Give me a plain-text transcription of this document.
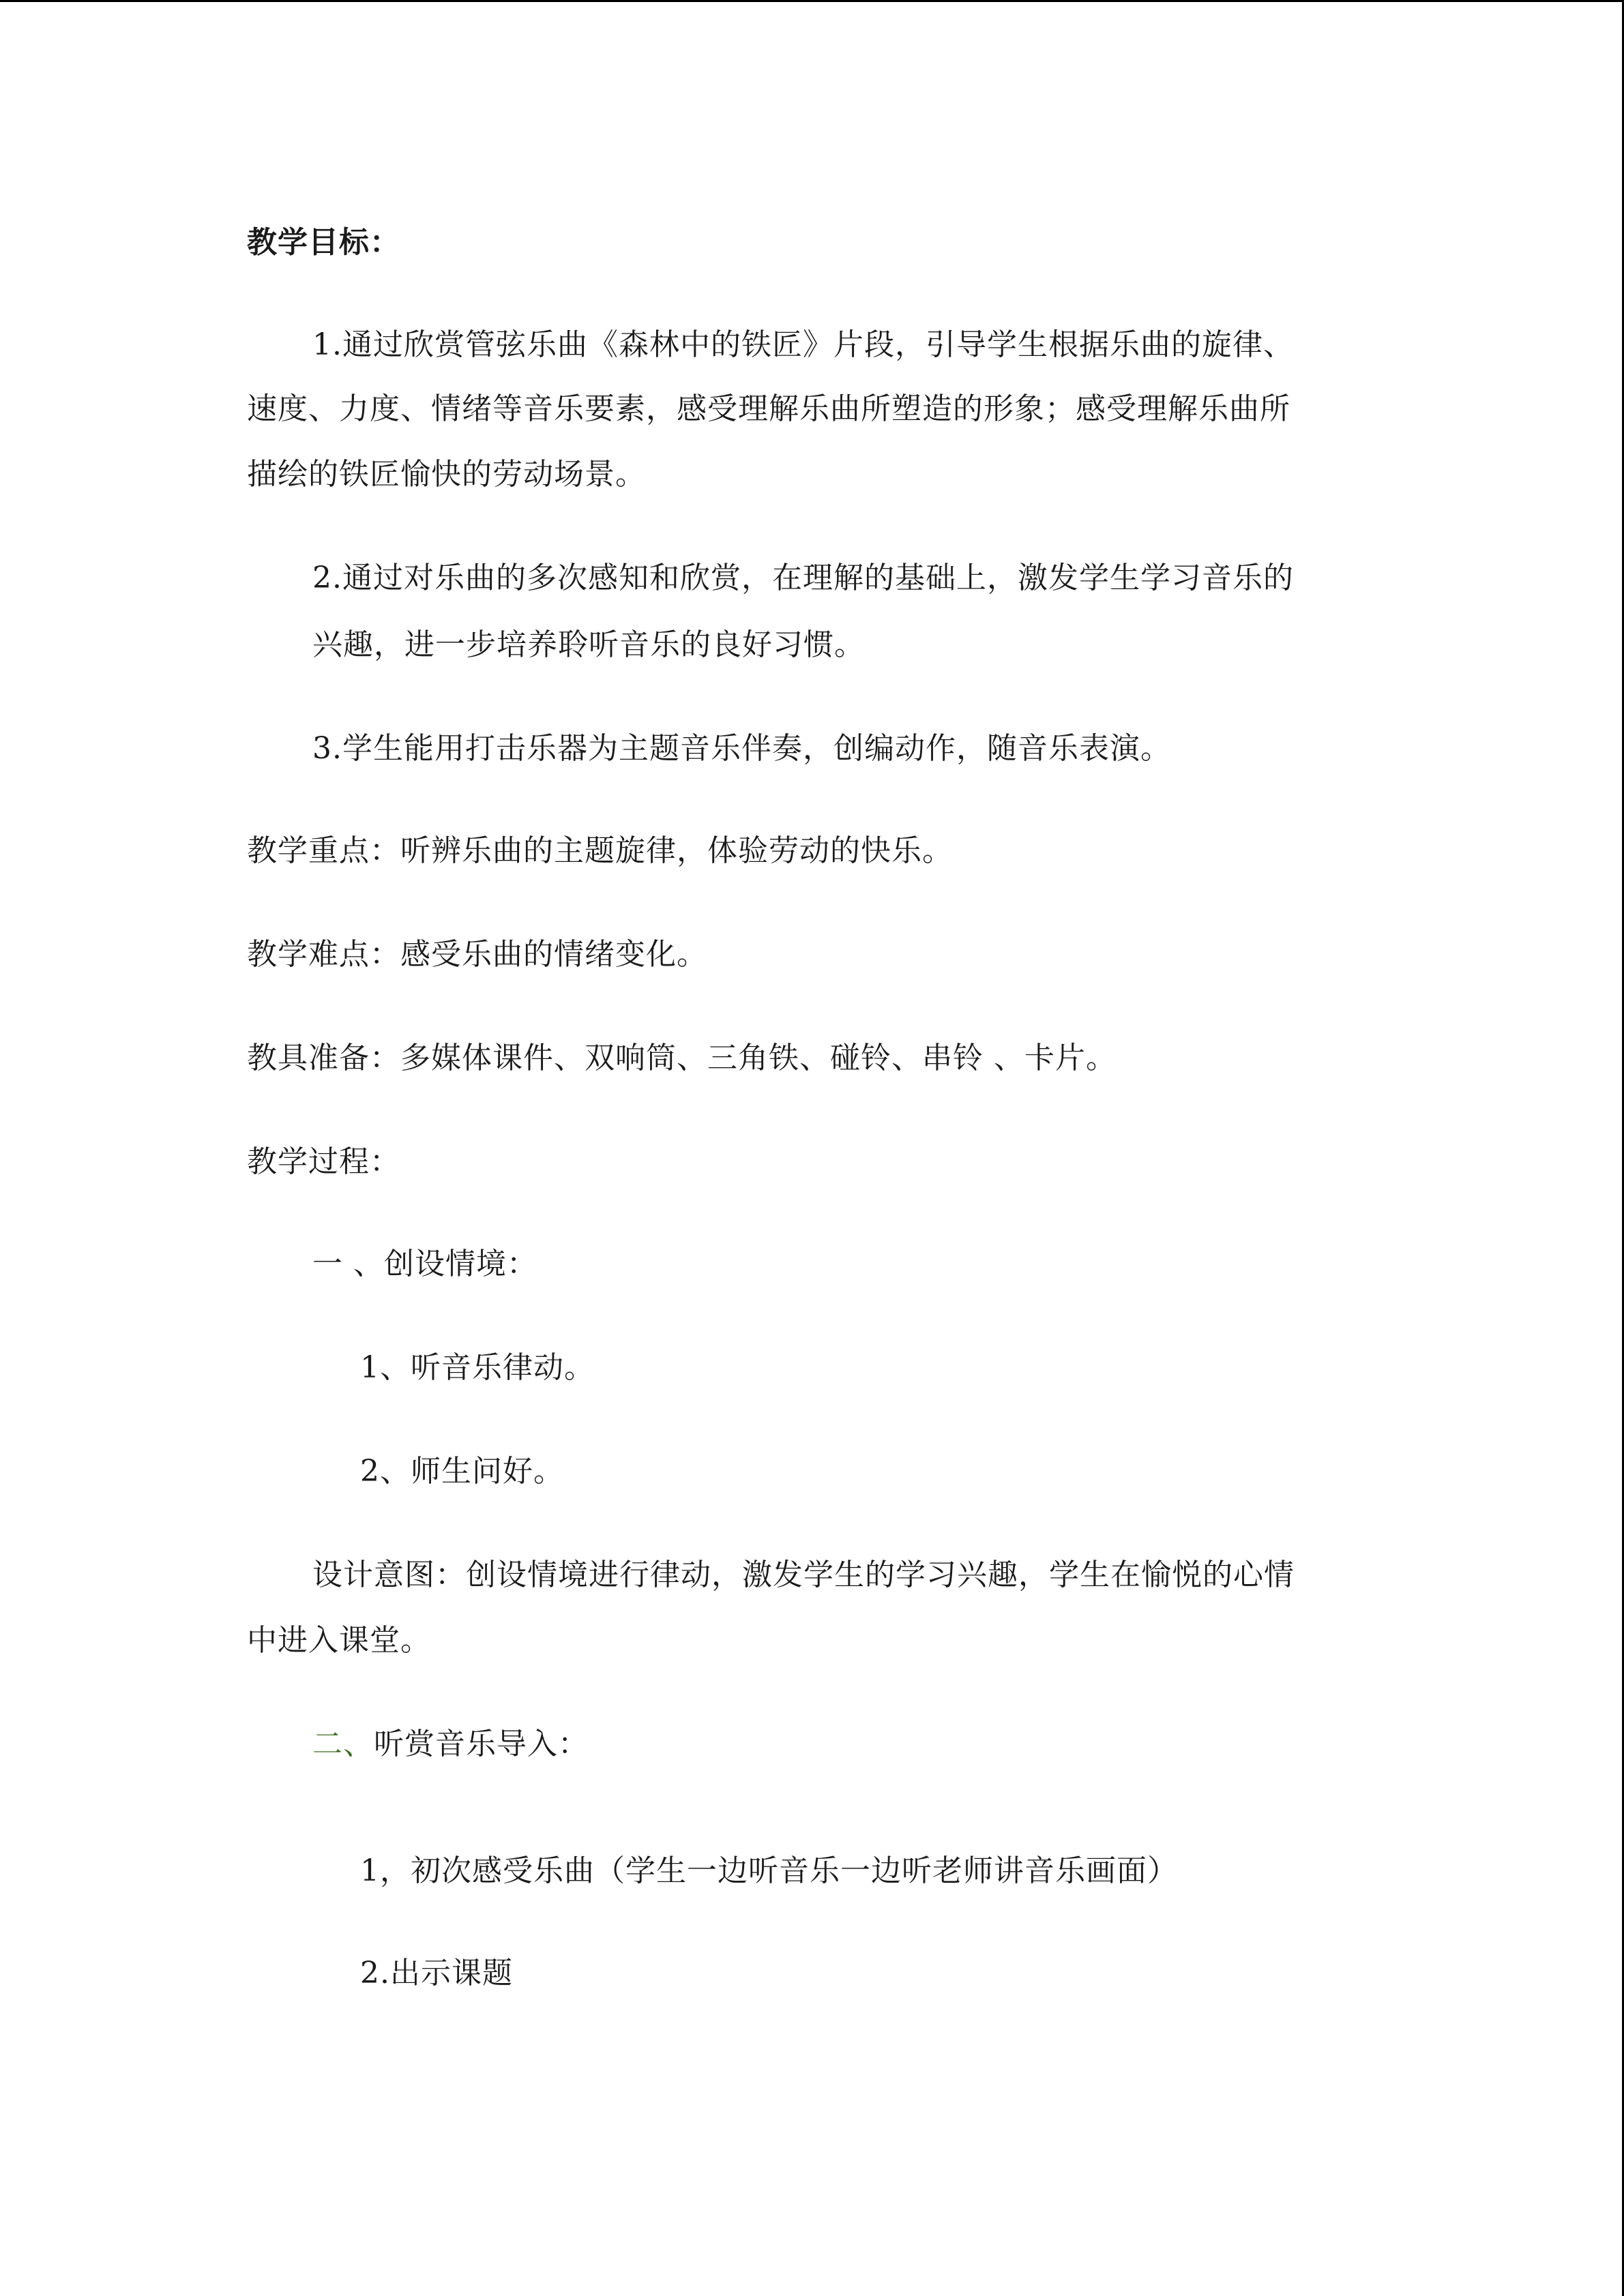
教学目标：
1.通过欣赏管弦乐曲《森林中的铁匠》片段，引导学生根据乐曲的旋律、
速度、力度、情绪等音乐要素，感受理解乐曲所塑造的形象；感受理解乐曲所
描绘的铁匠愉快的劳动场景。
2.通过对乐曲的多次感知和欣赏，在理解的基础上，激发学生学习音乐的
兴趣，进一步培养聆听音乐的良好习惯。
3.学生能用打击乐器为主题音乐伴奏，创编动作，随音乐表演。
教学重点：听辨乐曲的主题旋律，体验劳动的快乐。
教学难点：感受乐曲的情绪变化。
教具准备：多媒体课件、双响筒、三角铁、碰铃、串铃 、卡片。
教学过程：
一 、创设情境：
1、听音乐律动。
2、师生问好。
设计意图：创设情境进行律动，激发学生的学习兴趣，学生在愉悦的心情
中进入课堂。
二、听赏音乐导入：
1，初次感受乐曲（学生一边听音乐一边听老师讲音乐画面）
2.出示课题
